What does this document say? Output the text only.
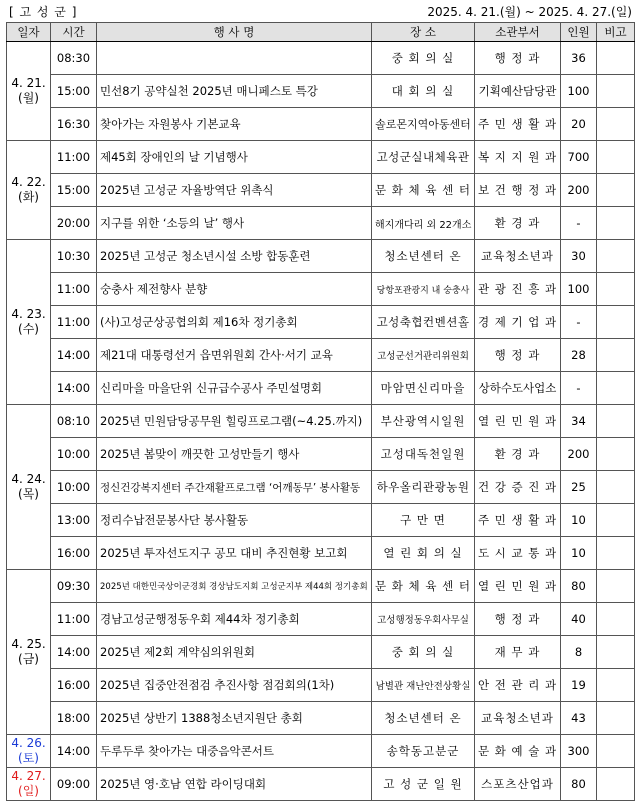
[ 고 성 군 ]	2025. 4. 21.(월) ~ 2025. 4. 27.(일)
일자	시간	행 사 명	장 소	소관부서	인원	비고

4. 21.
(월)	08:30		중 회 의 실	행 정 과	36	
	15:00	민선8기 공약실천 2025년 매니페스토 특강	대 회 의 실	기획예산담당관	100	
	16:30	찾아가는 자원봉사 기본교육	솔로몬지역아동센터	주 민 생 활 과	20	

4. 22.
(화)	11:00	제45회 장애인의 날 기념행사	고성군실내체육관	복 지 지 원 과	700	
	15:00	2025년 고성군 자율방역단 위촉식	문 화 체 육 센 터	보 건 행 정 과	200	
	20:00	지구를 위한 ‘소등의 날’ 행사	해지개다리 외 22개소	환 경 과	-	

4. 23.
(수)	10:30	2025년 고성군 청소년시설 소방 합동훈련	청소년센터 온	교육청소년과	30	
	11:00	숭충사 제전향사 분향	당항포관광지 내 숭충사	관 광 진 흥 과	100	
	11:00	(사)고성군상공협의회 제16차 정기총회	고성축협컨벤션홀	경 제 기 업 과	-	
	14:00	제21대 대통령선거 읍면위원회 간사·서기 교육	고성군선거관리위원회	행 정 과	28	
	14:00	신리마을 마을단위 신규급수공사 주민설명회	마암면신리마을	상하수도사업소	-	

4. 24.
(목)	08:10	2025년 민원담당공무원 힐링프로그램(~4.25.까지)	부산광역시일원	열 린 민 원 과	34	
	10:00	2025년 봄맞이 깨끗한 고성만들기 행사	고성대독천일원	환 경 과	200	
	10:00	정신건강복지센터 주간재활프로그램 ‘어깨동무’ 봉사활동	하우올리관광농원	건 강 증 진 과	25	
	13:00	정리수납전문봉사단 봉사활동	구 만 면	주 민 생 활 과	10	
	16:00	2025년 투자선도지구 공모 대비 추진현황 보고회	열 린 회 의 실	도 시 교 통 과	10	

4. 25.
(금)	09:30	2025년 대한민국상이군경회 경상남도지회 고성군지부 제44회 정기총회	문 화 체 육 센 터	열 린 민 원 과	80	
	11:00	경남고성군행정동우회 제44차 정기총회	고성행정동우회사무실	행 정 과	40	
	14:00	2025년 제2회 계약심의위원회	중 회 의 실	재 무 과	8	
	16:00	2025년 집중안전점검 추진사항 점검회의(1차)	남별관 재난안전상황실	안 전 관 리 과	19	
	18:00	2025년 상반기 1388청소년지원단 총회	청소년센터 온	교육청소년과	43	

4. 26.
(토)	14:00	두루두루 찾아가는 대중음악콘서트	송학동고분군	문 화 예 술 과	300	

4. 27.
(일)	09:00	2025년 영·호남 연합 라이딩대회	고 성 군 일 원	스포츠산업과	80	
